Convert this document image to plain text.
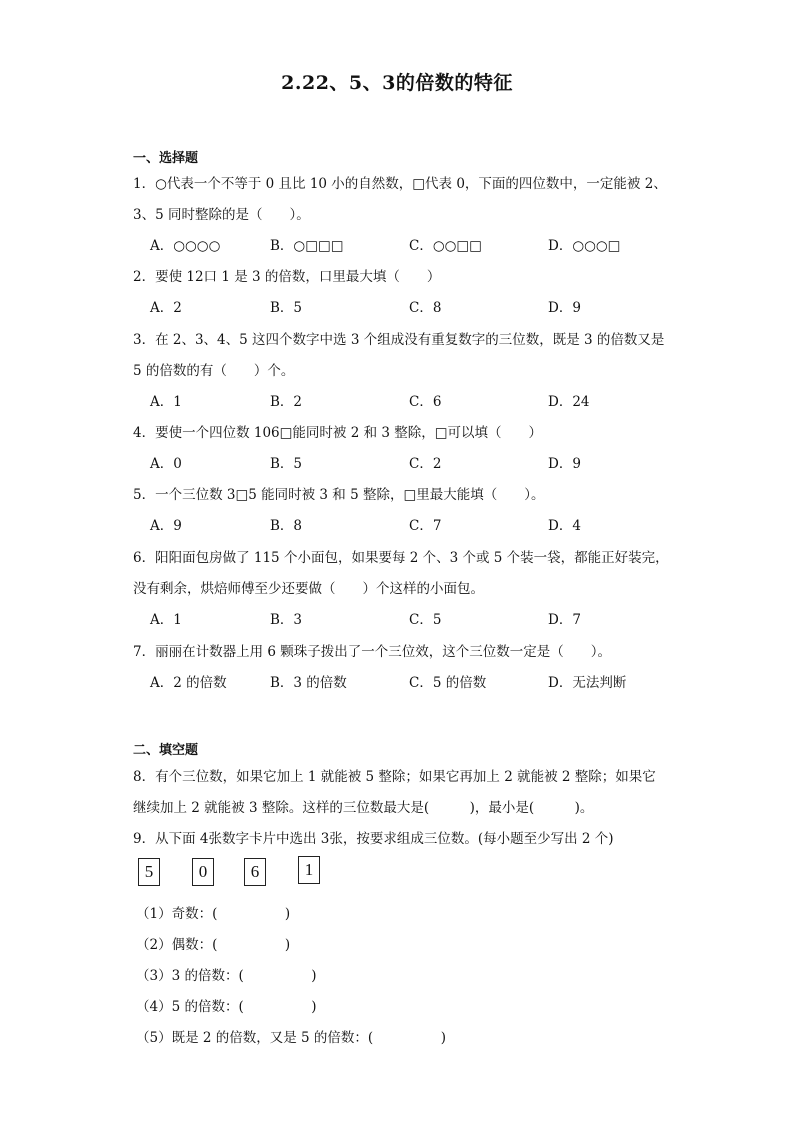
2.22、5、3的倍数的特征
一、选择题
1．○代表一个不等于 0 且比 10 小的自然数，□代表 0，下面的四位数中，一定能被 2、
3、5 同时整除的是（　　）。
A．○○○○	B．○□□□	C．○○□□	D．○○○□
2．要使 12口 1 是 3 的倍数，口里最大填（　　）
A．2	B．5	C．8	D．9
3．在 2、3、4、5 这四个数字中选 3 个组成没有重复数字的三位数，既是 3 的倍数又是
5 的倍数的有（　　）个。
A．1	B．2	C．6	D．24
4．要使一个四位数 106□能同时被 2 和 3 整除，□可以填（　　）
A．0	B．5	C．2	D．9
5．一个三位数 3□5 能同时被 3 和 5 整除，□里最大能填（　　）。
A．9	B．8	C．7	D．4
6．阳阳面包房做了 115 个小面包，如果要每 2 个、3 个或 5 个装一袋，都能正好装完，
没有剩余，烘焙师傅至少还要做（　　）个这样的小面包。
A．1	B．3	C．5	D．7
7．丽丽在计数器上用 6 颗珠子拨出了一个三位效，这个三位数一定是（　　）。
A．2 的倍数	B．3 的倍数	C．5 的倍数	D．无法判断
二、填空题
8．有个三位数，如果它加上 1 就能被 5 整除；如果它再加上 2 就能被 2 整除；如果它
继续加上 2 就能被 3 整除。这样的三位数最大是(　　　)，最小是(　　　)。
9．从下面 4张数字卡片中选出 3张，按要求组成三位数。(每小题至少写出 2 个)
5	0	6	1
（1）奇数：(　　　　　)
（2）偶数：(　　　　　)
（3）3 的倍数：(　　　　　)
（4）5 的倍数：(　　　　　)
（5）既是 2 的倍数，又是 5 的倍数：(　　　　　)
